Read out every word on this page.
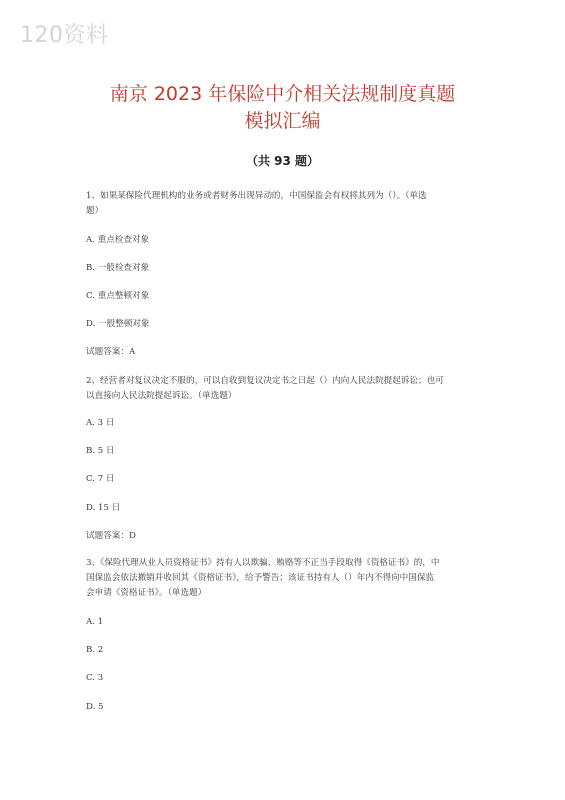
120资料
南京 2023 年保险中介相关法规制度真题
模拟汇编
（共 93 题）
1、如果某保险代理机构的业务或者财务出现异动的，中国保监会有权将其列为（）。（单选
题）
A. 重点检查对象
B. 一般检查对象
C. 重点整顿对象
D. 一般整顿对象
试题答案：A
2、经营者对复议决定不服的，可以自收到复议决定书之日起（）内向人民法院提起诉讼；也可
以直接向人民法院提起诉讼。（单选题）
A. 3 日
B. 5 日
C. 7 日
D. 15 日
试题答案：D
3、《保险代理从业人员资格证书》持有人以欺骗、贿赂等不正当手段取得《资格证书》的，中
国保监会依法撤销并收回其《资格证书》，给予警告；该证书持有人（）年内不得向中国保监
会申请《资格证书》。（单选题）
A. 1
B. 2
C. 3
D. 5
